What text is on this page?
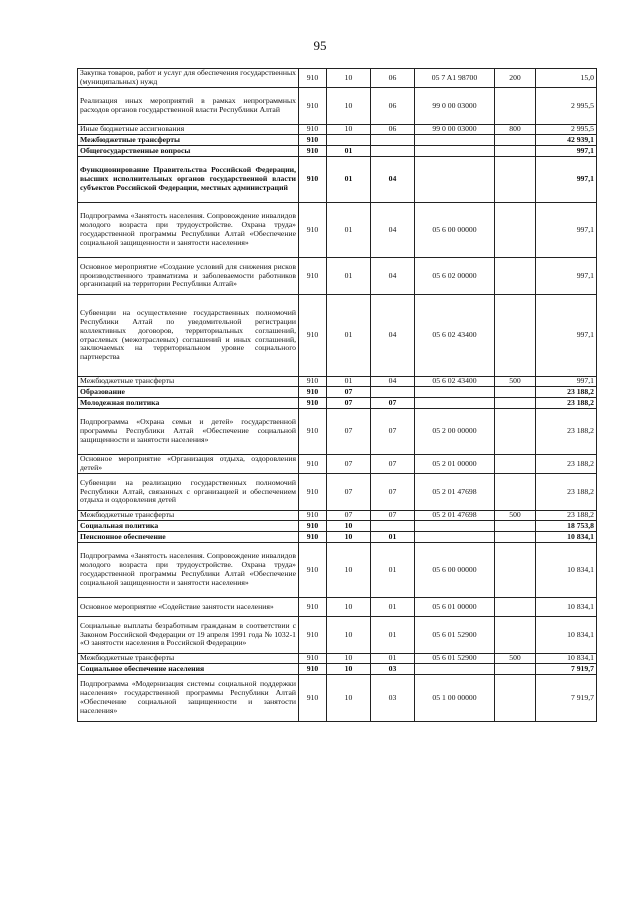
95
Закупка товаров, работ и услуг для обеспечения государственных (муниципальных) нужд	910	10	06	05 7 A1 98700	200	15,0
Реализация иных мероприятий в рамках непрограммных расходов органов государственной власти Республики Алтай	910	10	06	99 0 00 03000		2 995,5
Иные бюджетные ассигнования	910	10	06	99 0 00 03000	800	2 995,5
Межбюджетные трансферты	910					42 939,1
Общегосударственные вопросы	910	01				997,1
Функционирование Правительства Российской Федерации, высших исполнительных органов государственной власти субъектов Российской Федерации, местных администраций	910	01	04			997,1
Подпрограмма «Занятость населения. Сопровождение инвалидов молодого возраста при трудоустройстве. Охрана труда» государственной программы Республики Алтай «Обеспечение социальной защищенности и занятости населения»	910	01	04	05 6 00 00000		997,1
Основное мероприятие «Создание условий для снижения рисков производственного травматизма и заболеваемости работников организаций на территории Республики Алтай»	910	01	04	05 6 02 00000		997,1
Субвенции на осуществление государственных полномочий Республики Алтай по уведомительной регистрации коллективных договоров, территориальных соглашений, отраслевых (межотраслевых) соглашений и иных соглашений, заключаемых на территориальном уровне социального партнерства	910	01	04	05 6 02 43400		997,1
Межбюджетные трансферты	910	01	04	05 6 02 43400	500	997,1
Образование	910	07				23 188,2
Молодежная политика	910	07	07			23 188,2
Подпрограмма «Охрана семьи и детей» государственной программы Республики Алтай «Обеспечение социальной защищенности и занятости населения»	910	07	07	05 2 00 00000		23 188,2
Основное мероприятие «Организация отдыха, оздоровления детей»	910	07	07	05 2 01 00000		23 188,2
Субвенции на реализацию государственных полномочий Республики Алтай, связанных с организацией и обеспечением отдыха и оздоровления детей	910	07	07	05 2 01 47698		23 188,2
Межбюджетные трансферты	910	07	07	05 2 01 47698	500	23 188,2
Социальная политика	910	10				18 753,8
Пенсионное обеспечение	910	10	01			10 834,1
Подпрограмма «Занятость населения. Сопровождение инвалидов молодого возраста при трудоустройстве. Охрана труда» государственной программы Республики Алтай «Обеспечение социальной защищенности и занятости населения»	910	10	01	05 6 00 00000		10 834,1
Основное мероприятие «Содействие занятости населения»	910	10	01	05 6 01 00000		10 834,1
Социальные выплаты безработным гражданам в соответствии с Законом Российской Федерации от 19 апреля 1991 года № 1032-1 «О занятости населения в Российской Федерации»	910	10	01	05 6 01 52900		10 834,1
Межбюджетные трансферты	910	10	01	05 6 01 52900	500	10 834,1
Социальное обеспечение населения	910	10	03			7 919,7
Подпрограмма «Модернизация системы социальной поддержки населения» государственной программы Республики Алтай «Обеспечение социальной защищенности и занятости населения»	910	10	03	05 1 00 00000		7 919,7
